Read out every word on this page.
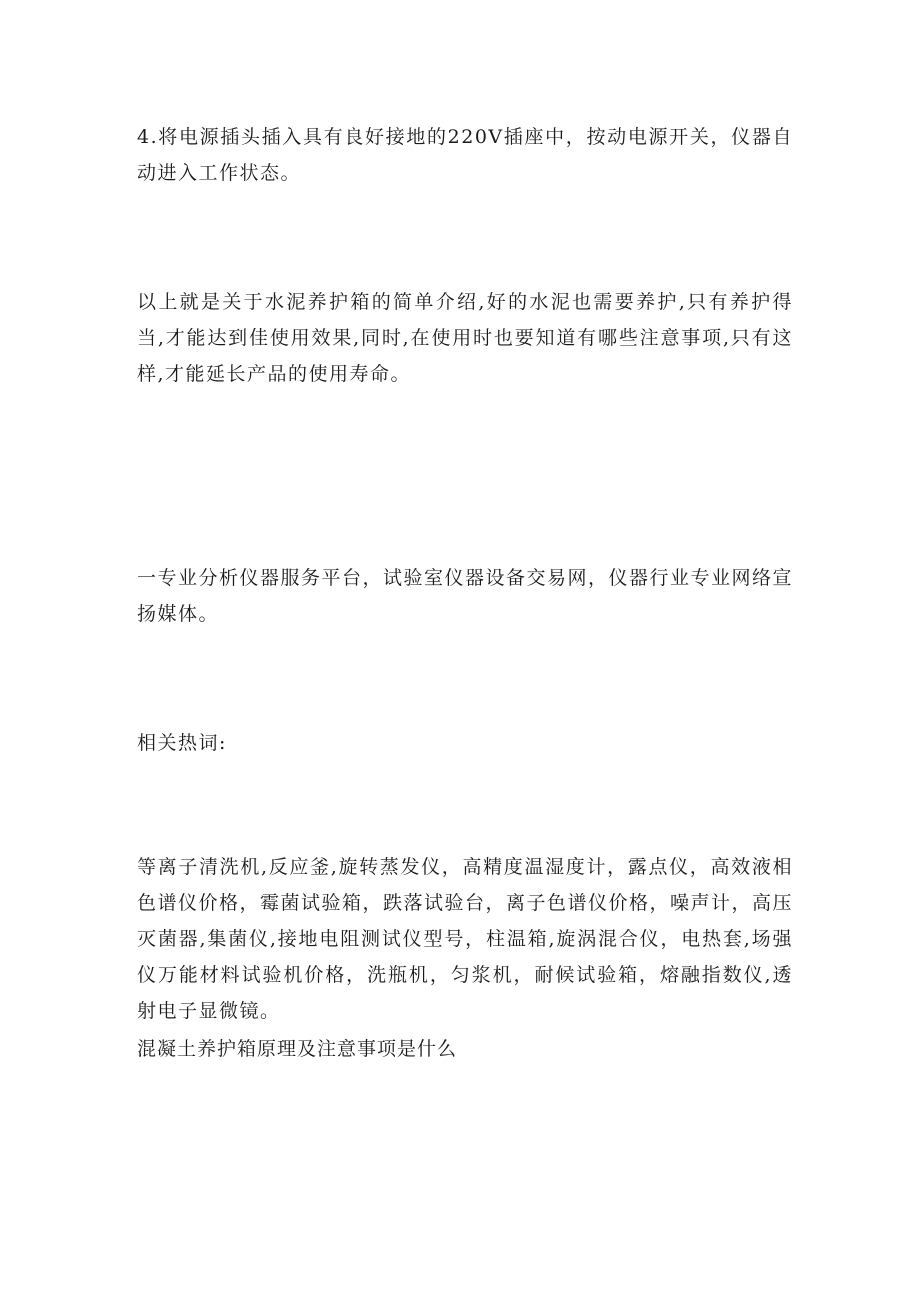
4.将电源插头插入具有良好接地的220V插座中，按动电源开关，仪器自动进入工作状态。

以上就是关于水泥养护箱的简单介绍,好的水泥也需要养护,只有养护得当,才能达到佳使用效果,同时,在使用时也要知道有哪些注意事项,只有这样,才能延长产品的使用寿命。

一专业分析仪器服务平台，试验室仪器设备交易网，仪器行业专业网络宣扬媒体。

相关热词:

等离子清洗机,反应釜,旋转蒸发仪，高精度温湿度计，露点仪，高效液相色谱仪价格，霉菌试验箱，跌落试验台，离子色谱仪价格，噪声计，高压灭菌器,集菌仪,接地电阻测试仪型号，柱温箱,旋涡混合仪，电热套,场强仪万能材料试验机价格，洗瓶机，匀浆机，耐候试验箱，熔融指数仪,透射电子显微镜。

混凝土养护箱原理及注意事项是什么
